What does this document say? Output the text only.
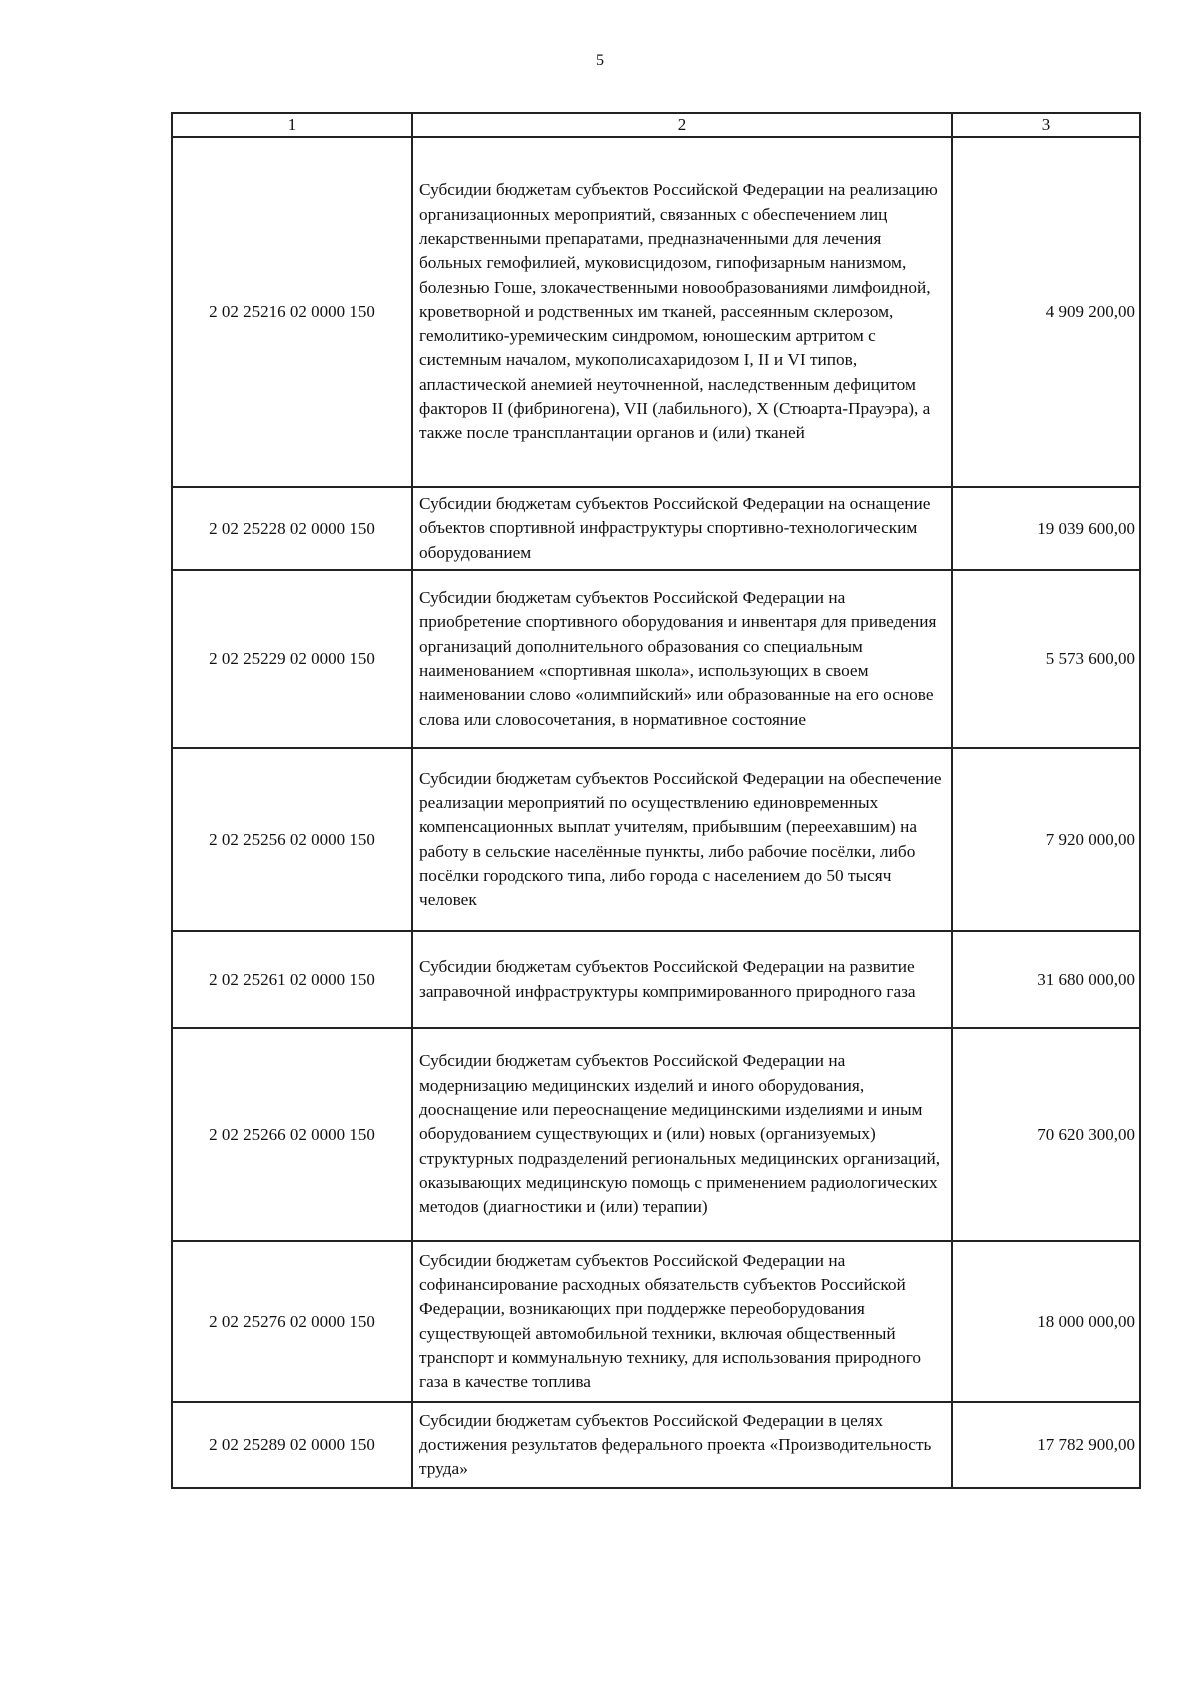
5
1	2	3
2 02 25216 02 0000 150	Субсидии бюджетам субъектов Российской Федерации на реализацию организационных мероприятий, связанных с обеспечением лиц лекарственными препаратами, предназначенными для лечения больных гемофилией, муковисцидозом, гипофизарным нанизмом, болезнью Гоше, злокачественными новообразованиями лимфоидной, кроветворной и родственных им тканей, рассеянным склерозом, гемолитико-уремическим синдромом, юношеским артритом с системным началом, мукополисахаридозом I, II и VI типов, апластической анемией неуточненной, наследственным дефицитом факторов II (фибриногена), VII (лабильного), X (Стюарта-Прауэра), а также после трансплантации органов и (или) тканей	4 909 200,00
2 02 25228 02 0000 150	Субсидии бюджетам субъектов Российской Федерации на оснащение объектов спортивной инфраструктуры спортивно-технологическим оборудованием	19 039 600,00
2 02 25229 02 0000 150	Субсидии бюджетам субъектов Российской Федерации на приобретение спортивного оборудования и инвентаря для приведения организаций дополнительного образования со специальным наименованием «спортивная школа», использующих в своем наименовании слово «олимпийский» или образованные на его основе слова или словосочетания, в нормативное состояние	5 573 600,00
2 02 25256 02 0000 150	Субсидии бюджетам субъектов Российской Федерации на обеспечение реализации мероприятий по осуществлению единовременных компенсационных выплат учителям, прибывшим (переехавшим) на работу в сельские населённые пункты, либо рабочие посёлки, либо посёлки городского типа, либо города с населением до 50 тысяч человек	7 920 000,00
2 02 25261 02 0000 150	Субсидии бюджетам субъектов Российской Федерации на развитие заправочной инфраструктуры компримированного природного газа	31 680 000,00
2 02 25266 02 0000 150	Субсидии бюджетам субъектов Российской Федерации на модернизацию медицинских изделий и иного оборудования, дооснащение или переоснащение медицинскими изделиями и иным оборудованием существующих и (или) новых (организуемых) структурных подразделений региональных медицинских организаций, оказывающих медицинскую помощь с применением радиологических методов (диагностики и (или) терапии)	70 620 300,00
2 02 25276 02 0000 150	Субсидии бюджетам субъектов Российской Федерации на софинансирование расходных обязательств субъектов Российской Федерации, возникающих при поддержке переоборудования существующей автомобильной техники, включая общественный транспорт и коммунальную технику, для использования природного газа в качестве топлива	18 000 000,00
2 02 25289 02 0000 150	Субсидии бюджетам субъектов Российской Федерации в целях достижения результатов федерального проекта «Производительность труда»	17 782 900,00
